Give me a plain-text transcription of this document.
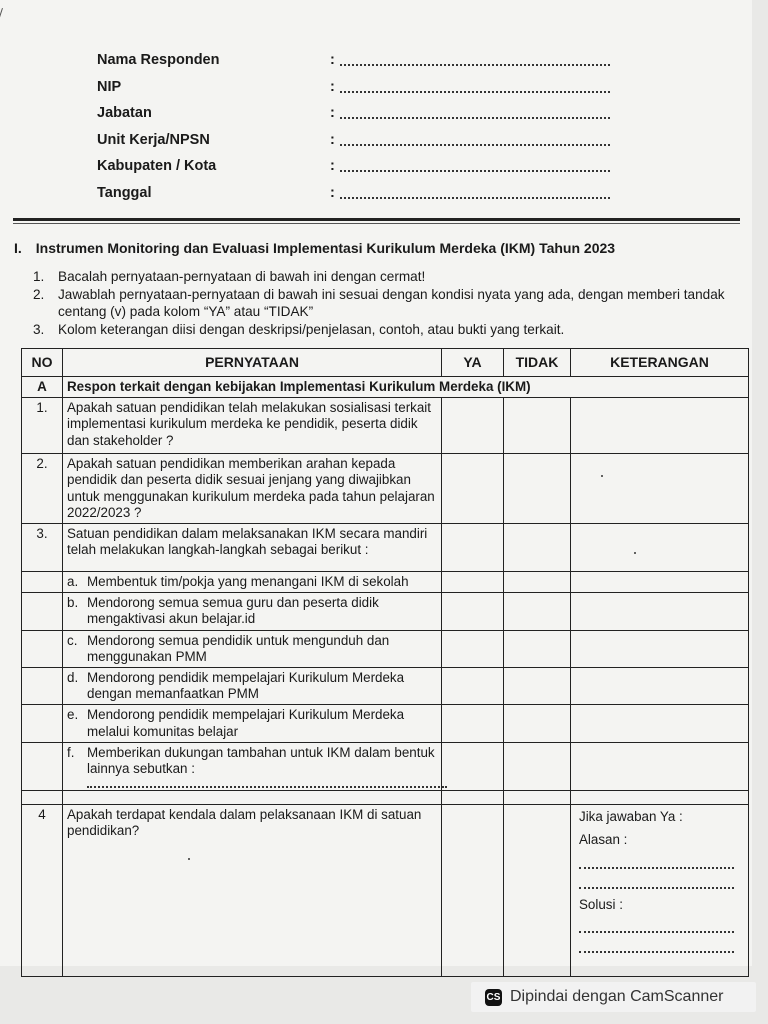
Nama Responden	:
NIP	:
Jabatan	:
Unit Kerja/NPSN	:
Kabupaten / Kota	:
Tanggal	:
I. Instrumen Monitoring dan Evaluasi Implementasi Kurikulum Merdeka (IKM) Tahun 2023
1. Bacalah pernyataan-pernyataan di bawah ini dengan cermat!
2. Jawablah pernyataan-pernyataan di bawah ini sesuai dengan kondisi nyata yang ada, dengan memberi tandak centang (v) pada kolom “YA” atau “TIDAK”
3. Kolom keterangan diisi dengan deskripsi/penjelasan, contoh, atau bukti yang terkait.
NO	PERNYATAAN	YA	TIDAK	KETERANGAN
A	Respon terkait dengan kebijakan Implementasi Kurikulum Merdeka (IKM)			
1.	Apakah satuan pendidikan telah melakukan sosialisasi terkait implementasi kurikulum merdeka ke pendidik, peserta didik dan stakeholder ?			
2.	Apakah satuan pendidikan memberikan arahan kepada pendidik dan peserta didik sesuai jenjang yang diwajibkan untuk menggunakan kurikulum merdeka pada tahun pelajaran 2022/2023 ?			
3.	Satuan pendidikan dalam melaksanakan IKM secara mandiri telah melakukan langkah-langkah sebagai berikut :			

	a. Membentuk tim/pokja yang menangani IKM di sekolah			

	b. Mendorong semua semua guru dan peserta didik mengaktivasi akun belajar.id			

	c. Mendorong semua pendidik untuk mengunduh dan menggunakan PMM			

	d. Mendorong pendidik mempelajari Kurikulum Merdeka dengan memanfaatkan PMM			

	e. Mendorong pendidik mempelajari Kurikulum Merdeka melalui komunitas belajar			

	f. Memberikan dukungan tambahan untuk IKM dalam bentuk lainnya sebutkan :			

4	Apakah terdapat kendala dalam pelaksanaan IKM di satuan pendidikan?			Jika jawaban Ya :
Alasan :
Solusi :
CS Dipindai dengan CamScanner
